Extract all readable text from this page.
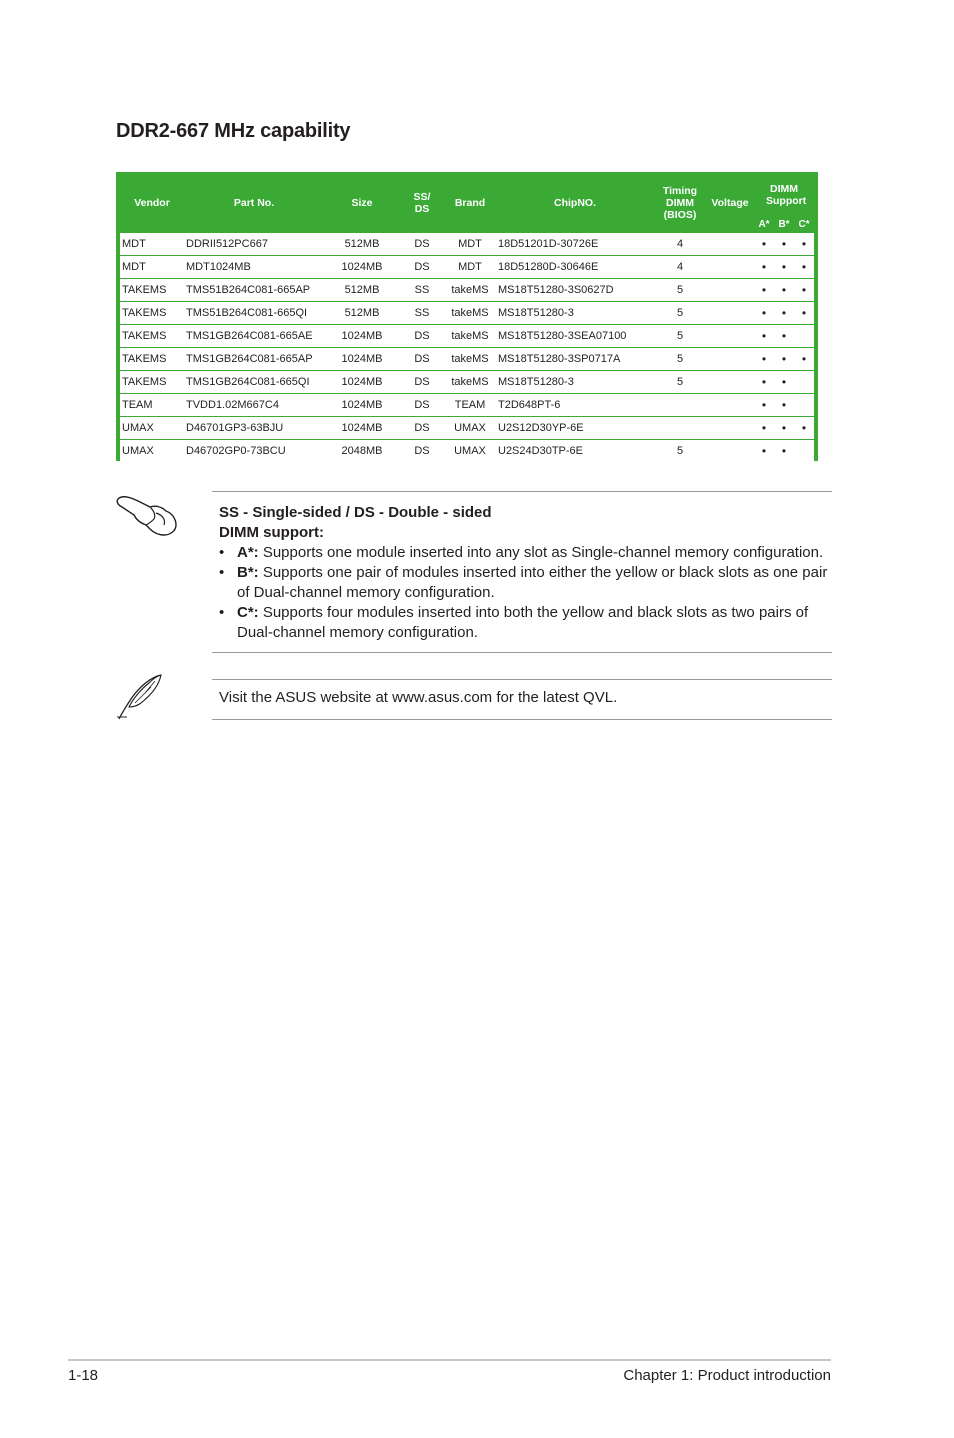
DDR2-667 MHz capability
Vendor	Part No.	Size	SS/ DS	Brand	ChipNO.	Timing DIMM (BIOS)	Voltage	DIMM Support		
								A*	B*	C*
MDT	DDRII512PC667	512MB	DS	MDT	18D51201D-30726E	4		•	•	•
MDT	MDT1024MB	1024MB	DS	MDT	18D51280D-30646E	4		•	•	•
TAKEMS	TMS51B264C081-665AP	512MB	SS	takeMS	MS18T51280-3S0627D	5		•	•	•
TAKEMS	TMS51B264C081-665QI	512MB	SS	takeMS	MS18T51280-3	5		•	•	•
TAKEMS	TMS1GB264C081-665AE	1024MB	DS	takeMS	MS18T51280-3SEA07100	5		•	•	
TAKEMS	TMS1GB264C081-665AP	1024MB	DS	takeMS	MS18T51280-3SP0717A	5		•	•	•
TAKEMS	TMS1GB264C081-665QI	1024MB	DS	takeMS	MS18T51280-3	5		•	•	
TEAM	TVDD1.02M667C4	1024MB	DS	TEAM	T2D648PT-6			•	•	
UMAX	D46701GP3-63BJU	1024MB	DS	UMAX	U2S12D30YP-6E			•	•	•
UMAX	D46702GP0-73BCU	2048MB	DS	UMAX	U2S24D30TP-6E	5		•	•	
SS - Single-sided / DS - Double - sided
DIMM support:
• A*: Supports one module inserted into any slot as Single-channel memory configuration.
• B*: Supports one pair of modules inserted into either the yellow or black slots as one pair of Dual-channel memory configuration.
• C*: Supports four modules inserted into both the yellow and black slots as two pairs of Dual-channel memory configuration.
Visit the ASUS website at www.asus.com for the latest QVL.
1-18	Chapter 1: Product introduction
